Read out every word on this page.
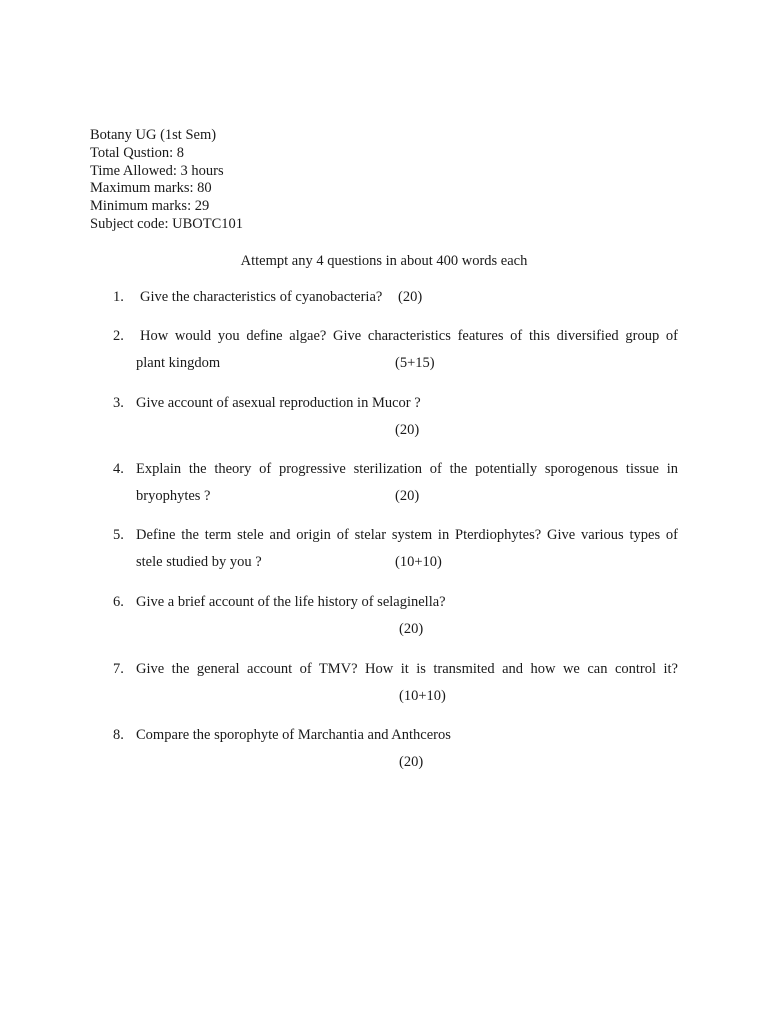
Botany UG (1st Sem)
Total Qustion: 8
Time Allowed: 3 hours
Maximum marks: 80
Minimum marks: 29
Subject code: UBOTC101
Attempt any 4 questions in about 400 words each
1. Give the characteristics of cyanobacteria?	(20)
2. How would you define algae? Give characteristics features of this diversified group of
plant kingdom	(5+15)
3. Give account of asexual reproduction in Mucor ?
(20)
4. Explain the theory of progressive sterilization of the potentially sporogenous tissue in
bryophytes ?	(20)
5. Define the term stele and origin of stelar system in Pterdiophytes? Give various types of
stele studied by you ?	(10+10)
6. Give a brief account of the life history of selaginella?
(20)
7. Give the general account of TMV? How it is transmited and how we can control it?
(10+10)
8. Compare the sporophyte of Marchantia and Anthceros
(20)
